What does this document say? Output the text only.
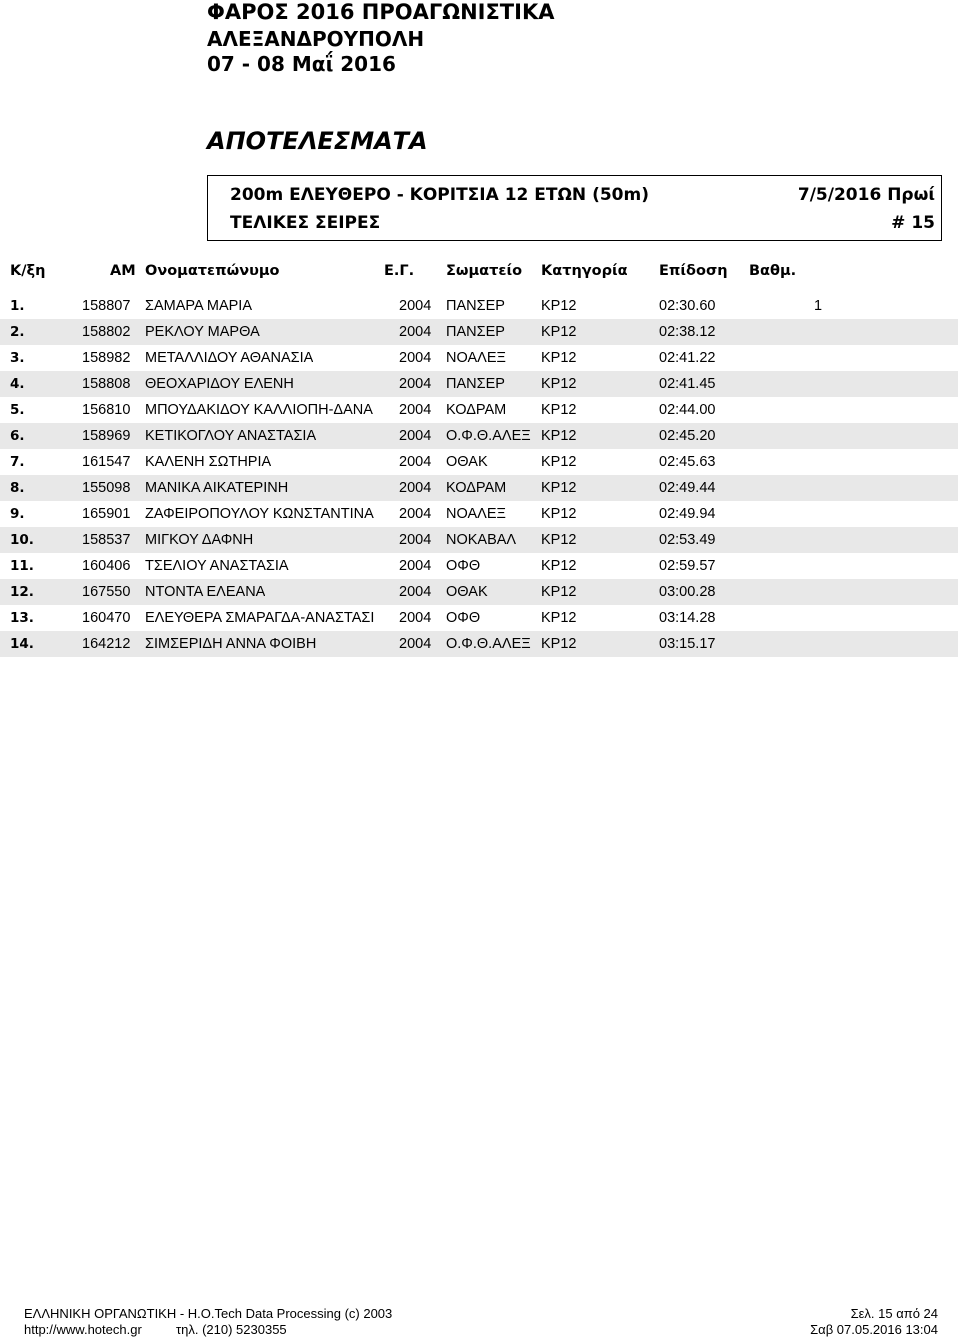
ΦΑΡΟΣ 2016 ΠΡΟΑΓΩΝΙΣΤΙΚΑ
ΑΛΕΞΑΝΔΡΟΥΠΟΛΗ
07 - 08 Μαΐ 2016
ΑΠΟΤΕΛΕΣΜΑΤΑ
200m ΕΛΕΥΘΕΡΟ - ΚΟΡΙΤΣΙΑ 12 ΕΤΩΝ (50m)
ΤΕΛΙΚΕΣ ΣΕΙΡΕΣ
7/5/2016 Πρωί
# 15
Κ/ξη	ΑΜ Ονοματεπώνυμο	Ε.Γ. Σωματείο Κατηγορία Επίδοση Βαθμ.
1.	158807 ΣΑΜΑΡΑ ΜΑΡΙΑ	2004 ΠΑΝΣΕΡ ΚΡ12	02:30.60	1
2.	158802 ΡΕΚΛΟΥ ΜΑΡΘΑ	2004 ΠΑΝΣΕΡ ΚΡ12	02:38.12
3.	158982 ΜΕΤΑΛΛΙΔΟΥ ΑΘΑΝΑΣΙΑ	2004 ΝΟΑΛΕΞ ΚΡ12	02:41.22
4.	158808 ΘΕΟΧΑΡΙΔΟΥ ΕΛΕΝΗ	2004 ΠΑΝΣΕΡ ΚΡ12	02:41.45
5.	156810 ΜΠΟΥΔΑΚΙΔΟΥ ΚΑΛΛΙΟΠΗ-ΔΑΝΑ 2004 ΚΟΔΡΑΜ ΚΡ12	02:44.00
6.	158969 ΚΕΤΙΚΟΓΛΟΥ ΑΝΑΣΤΑΣΙΑ	2004 Ο.Φ.Θ.ΑΛΕΞ ΚΡ12	02:45.20
7.	161547 ΚΑΛΕΝΗ ΣΩΤΗΡΙΑ	2004 ΟΘΑΚ	ΚΡ12	02:45.63
8.	155098 ΜΑΝΙΚΑ ΑΙΚΑΤΕΡΙΝΗ	2004 ΚΟΔΡΑΜ ΚΡ12	02:49.44
9.	165901 ΖΑΦΕΙΡΟΠΟΥΛΟΥ ΚΩΝΣΤΑΝΤΙΝΑ 2004 ΝΟΑΛΕΞ ΚΡ12	02:49.94
10.	158537 ΜΙΓΚΟΥ ΔΑΦΝΗ	2004 ΝΟΚΑΒΑΛ ΚΡ12	02:53.49
11.	160406 ΤΣΕΛΙΟΥ ΑΝΑΣΤΑΣΙΑ	2004 ΟΦΘ	ΚΡ12	02:59.57
12.	167550 ΝΤΟΝΤΑ ΕΛΕΑΝΑ	2004 ΟΘΑΚ	ΚΡ12	03:00.28
13.	160470 ΕΛΕΥΘΕΡΑ ΣΜΑΡΑΓΔΑ-ΑΝΑΣΤΑΣΙ 2004 ΟΦΘ	ΚΡ12	03:14.28
14.	164212 ΣΙΜΣΕΡΙΔΗ ΑΝΝΑ ΦΟΙΒΗ	2004 Ο.Φ.Θ.ΑΛΕΞ ΚΡ12	03:15.17
ΕΛΛΗΝΙΚΗ ΟΡΓΑΝΩΤΙΚΗ - Η.Ο.Tech Data Processing (c) 2003
http://www.hotech.gr	τηλ. (210) 5230355
Σελ. 15 από 24
Σαβ 07.05.2016 13:04
